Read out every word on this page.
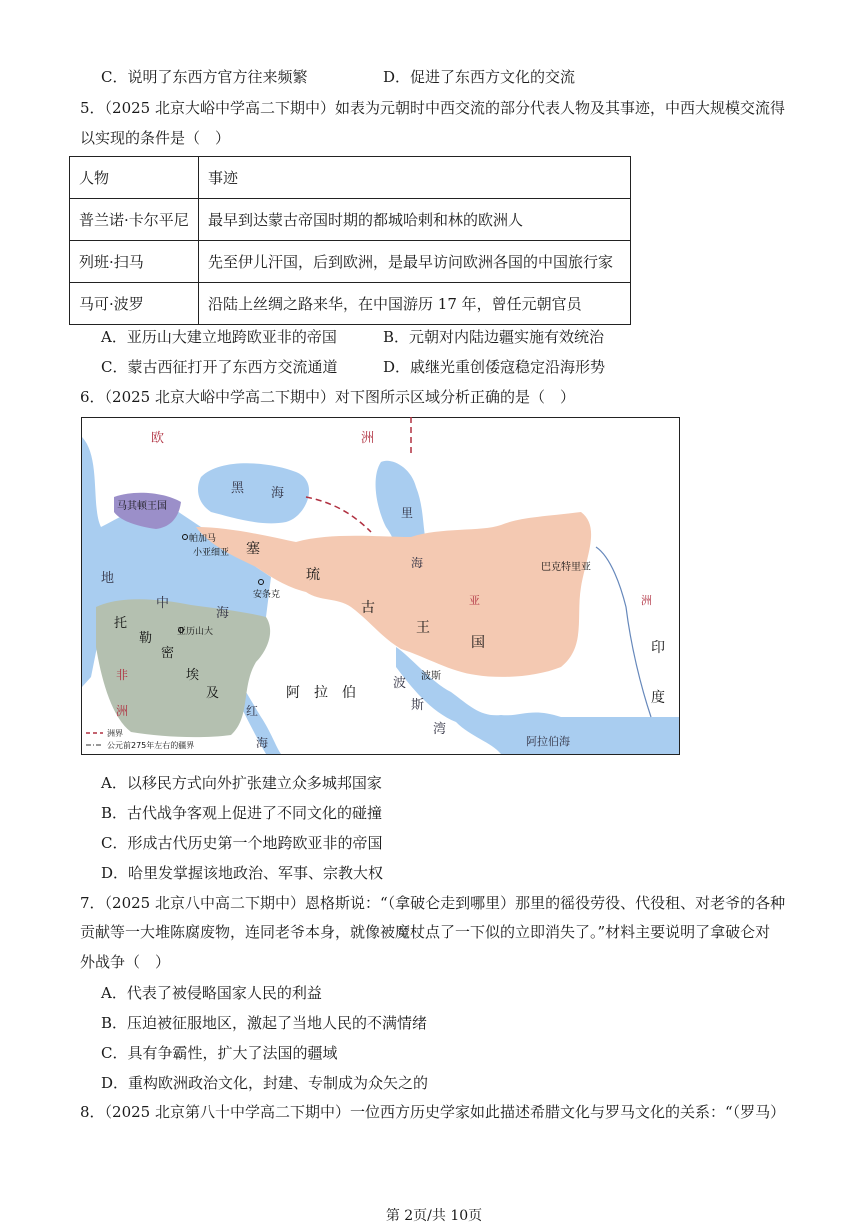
C．说明了东西方官方往来频繁	D．促进了东西方文化的交流
5．（2025 北京大峪中学高二下期中）如表为元朝时中西交流的部分代表人物及其事迹，中西大规模交流得
以实现的条件是（　）
人物	事迹
普兰诺·卡尔平尼	最早到达蒙古帝国时期的都城哈剌和林的欧洲人
列班·扫马	先至伊儿汗国，后到欧洲，是最早访问欧洲各国的中国旅行家
马可·波罗	沿陆上丝绸之路来华，在中国游历 17 年，曾任元朝官员
A．亚历山大建立地跨欧亚非的帝国	B．元朝对内陆边疆实施有效统治
C．蒙古西征打开了东西方交流通道	D．戚继光重创倭寇稳定沿海形势
6．（2025 北京大峪中学高二下期中）对下图所示区域分析正确的是（　）
欧	洲
黑 海
里
海
马其顿王国
帕加马
小亚细亚 塞
琉
古
王
国
安条克
巴克特里亚
地
中
海
托
勒
密
埃
及
亚历山大
非
洲
阿　拉　伯
波斯
波
斯
湾
红
海
印
度
亚	洲
阿拉伯海
洲界
公元前275年左右的疆界
A．以移民方式向外扩张建立众多城邦国家
B．古代战争客观上促进了不同文化的碰撞
C．形成古代历史第一个地跨欧亚非的帝国
D．哈里发掌握该地政治、军事、宗教大权
7．（2025 北京八中高二下期中）恩格斯说：“（拿破仑走到哪里）那里的徭役劳役、代役租、对老爷的各种
贡献等一大堆陈腐废物，连同老爷本身，就像被魔杖点了一下似的立即消失了。”材料主要说明了拿破仑对
外战争（　）
A．代表了被侵略国家人民的利益
B．压迫被征服地区，激起了当地人民的不满情绪
C．具有争霸性，扩大了法国的疆域
D．重构欧洲政治文化，封建、专制成为众矢之的
8．（2025 北京第八十中学高二下期中）一位西方历史学家如此描述希腊文化与罗马文化的关系：“（罗马）
第 2页/共 10页
